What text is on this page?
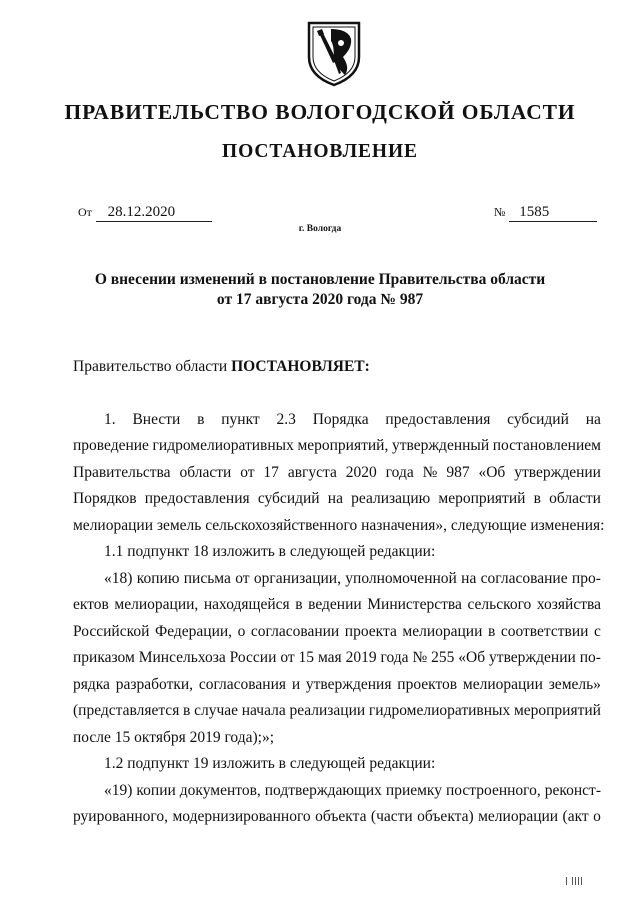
ПРАВИТЕЛЬСТВО ВОЛОГОДСКОЙ ОБЛАСТИ
ПОСТАНОВЛЕНИЕ
От 28.12.2020	№ 1585
г. Вологда
О внесении изменений в постановление Правительства области
от 17 августа 2020 года № 987
Правительство области ПОСТАНОВЛЯЕТ:
1. Внести в пункт 2.3 Порядка предоставления субсидий на
проведение гидромелиоративных мероприятий, утвержденный постановлением
Правительства области от 17 августа 2020 года № 987 «Об утверждении
Порядков предоставления субсидий на реализацию мероприятий в области
мелиорации земель сельскохозяйственного назначения», следующие изменения:
1.1 подпункт 18 изложить в следующей редакции:
«18) копию письма от организации, уполномоченной на согласование про-
ектов мелиорации, находящейся в ведении Министерства сельского хозяйства
Российской Федерации, о согласовании проекта мелиорации в соответствии с
приказом Минсельхоза России от 15 мая 2019 года № 255 «Об утверждении по-
рядка разработки, согласования и утверждения проектов мелиорации земель»
(представляется в случае начала реализации гидромелиоративных мероприятий
после 15 октября 2019 года);»;
1.2 подпункт 19 изложить в следующей редакции:
«19) копии документов, подтверждающих приемку построенного, реконст-
руированного, модернизированного объекта (части объекта) мелиорации (акт о
